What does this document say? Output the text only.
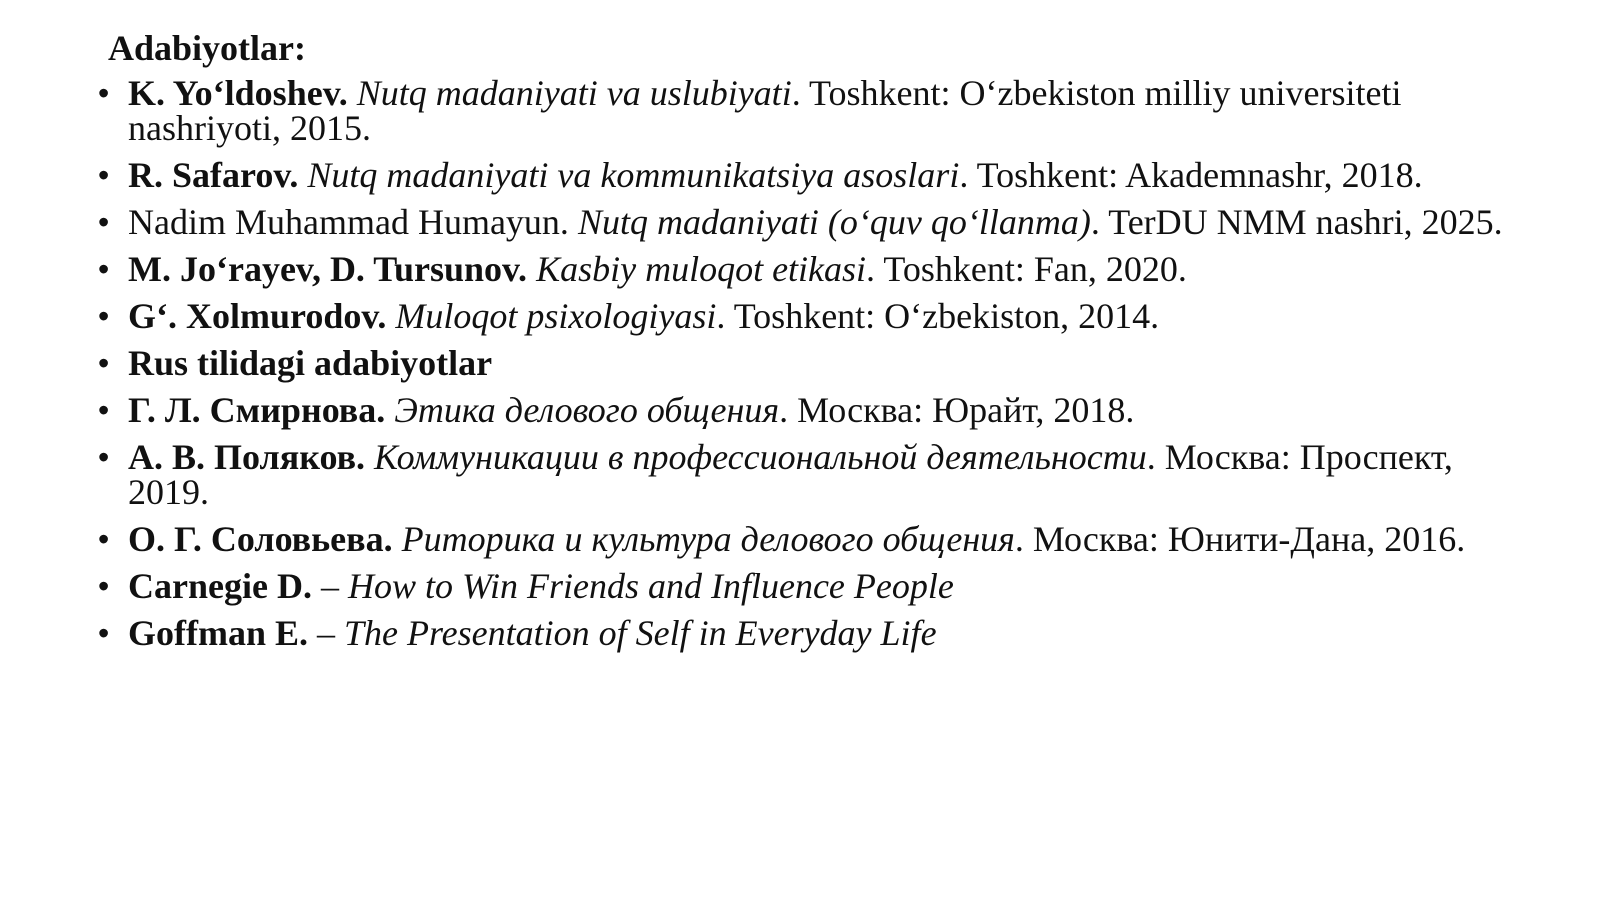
Adabiyotlar:
• K. Yo‘ldoshev. Nutq madaniyati va uslubiyati. Toshkent: O‘zbekiston milliy universiteti nashriyoti, 2015.
• R. Safarov. Nutq madaniyati va kommunikatsiya asoslari. Toshkent: Akademnashr, 2018.
• Nadim Muhammad Humayun. Nutq madaniyati (o‘quv qo‘llanma). TerDU NMM nashri, 2025.
• M. Jo‘rayev, D. Tursunov. Kasbiy muloqot etikasi. Toshkent: Fan, 2020.
• G‘. Xolmurodov. Muloqot psixologiyasi. Toshkent: O‘zbekiston, 2014.
• Rus tilidagi adabiyotlar
• Г. Л. Смирнова. Этика делового общения. Москва: Юрайт, 2018.
• А. В. Поляков. Коммуникации в профессиональной деятельности. Москва: Проспект, 2019.
• О. Г. Соловьева. Риторика и культура делового общения. Москва: Юнити-Дана, 2016.
• Carnegie D. – How to Win Friends and Influence People
• Goffman E. – The Presentation of Self in Everyday Life
